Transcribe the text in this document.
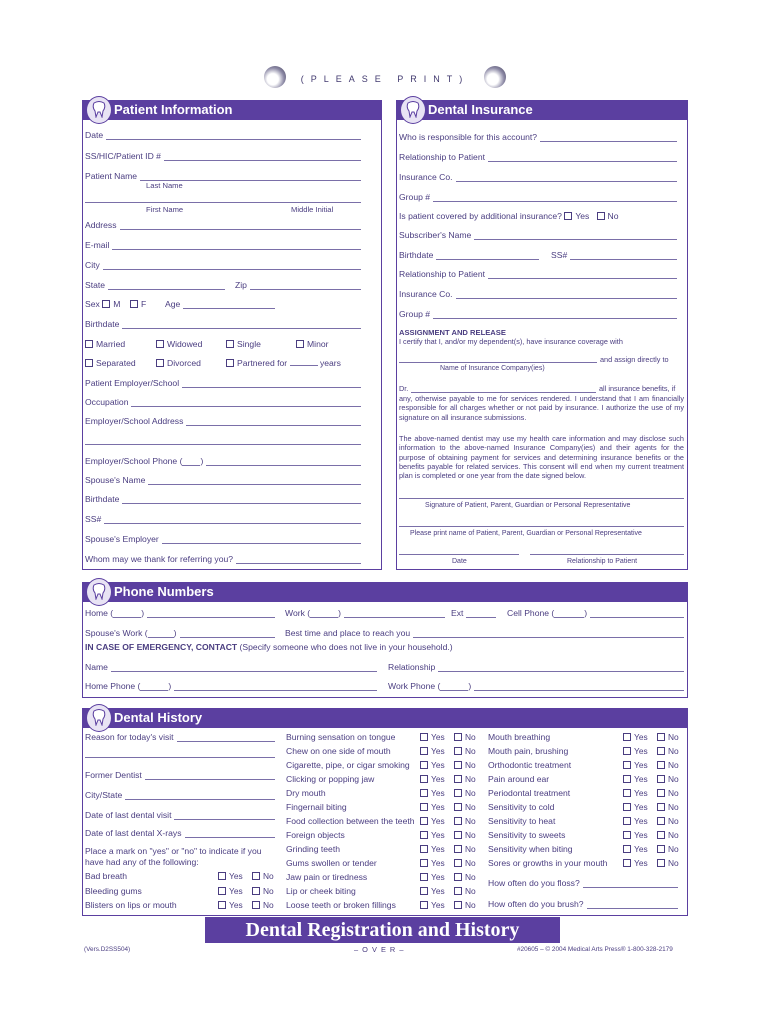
(PLEASE PRINT)
Patient Information
Date
SS/HIC/Patient ID #
Patient Name
Last Name
First Name	Middle Initial
Address
E-mail
City
State	Zip
Sex M F Age
Birthdate
Married	Widowed	Single	Minor
Separated	Divorced	Partnered for	years
Patient Employer/School
Occupation
Employer/School Address
Employer/School Phone ( )
Spouse's Name
Birthdate
SS#
Spouse's Employer
Whom may we thank for referring you?
Dental Insurance
Who is responsible for this account?
Relationship to Patient
Insurance Co.
Group #
Is patient covered by additional insurance? Yes No
Subscriber's Name
Birthdate	SS#
Relationship to Patient
Insurance Co.
Group #
ASSIGNMENT AND RELEASE
I certify that I, and/or my dependent(s), have insurance coverage with
and assign directly to
Name of Insurance Company(ies)
Dr.	all insurance benefits, if
any, otherwise payable to me for services rendered. I understand that I am financially responsible for all charges whether or not paid by insurance. I authorize the use of my signature on all insurance submissions.
The above-named dentist may use my health care information and may disclose such information to the above-named Insurance Company(ies) and their agents for the purpose of obtaining payment for services and determining insurance benefits or the benefits payable for related services. This consent will end when my current treatment plan is completed or one year from the date signed below.
Signature of Patient, Parent, Guardian or Personal Representative
Please print name of Patient, Parent, Guardian or Personal Representative
Date	Relationship to Patient
Phone Numbers
Home (	)	Work (	)	Ext	Cell Phone (	)
Spouse's Work (	)	Best time and place to reach you
IN CASE OF EMERGENCY, CONTACT (Specify someone who does not live in your household.)
Name	Relationship
Home Phone (	)	Work Phone (	)
Dental History
Reason for today's visit
Former Dentist
City/State
Date of last dental visit
Date of last dental X-rays
Place a mark on "yes" or "no" to indicate if you
have had any of the following:
Bad breath	Yes	No
Bleeding gums	Yes	No
Blisters on lips or mouth	Yes	No
Burning sensation on tongue	Yes	No
Chew on one side of mouth	Yes	No
Cigarette, pipe, or cigar smoking	Yes	No
Clicking or popping jaw	Yes	No
Dry mouth	Yes	No
Fingernail biting	Yes	No
Food collection between the teeth	Yes	No
Foreign objects	Yes	No
Grinding teeth	Yes	No
Gums swollen or tender	Yes	No
Jaw pain or tiredness	Yes	No
Lip or cheek biting	Yes	No
Loose teeth or broken fillings	Yes	No
Mouth breathing	Yes	No
Mouth pain, brushing	Yes	No
Orthodontic treatment	Yes	No
Pain around ear	Yes	No
Periodontal treatment	Yes	No
Sensitivity to cold	Yes	No
Sensitivity to heat	Yes	No
Sensitivity to sweets	Yes	No
Sensitivity when biting	Yes	No
Sores or growths in your mouth	Yes	No
How often do you floss?
How often do you brush?
Dental Registration and History
(Vers.D2SS504)	– O V E R –	#20605 – © 2004 Medical Arts Press® 1-800-328-2179
